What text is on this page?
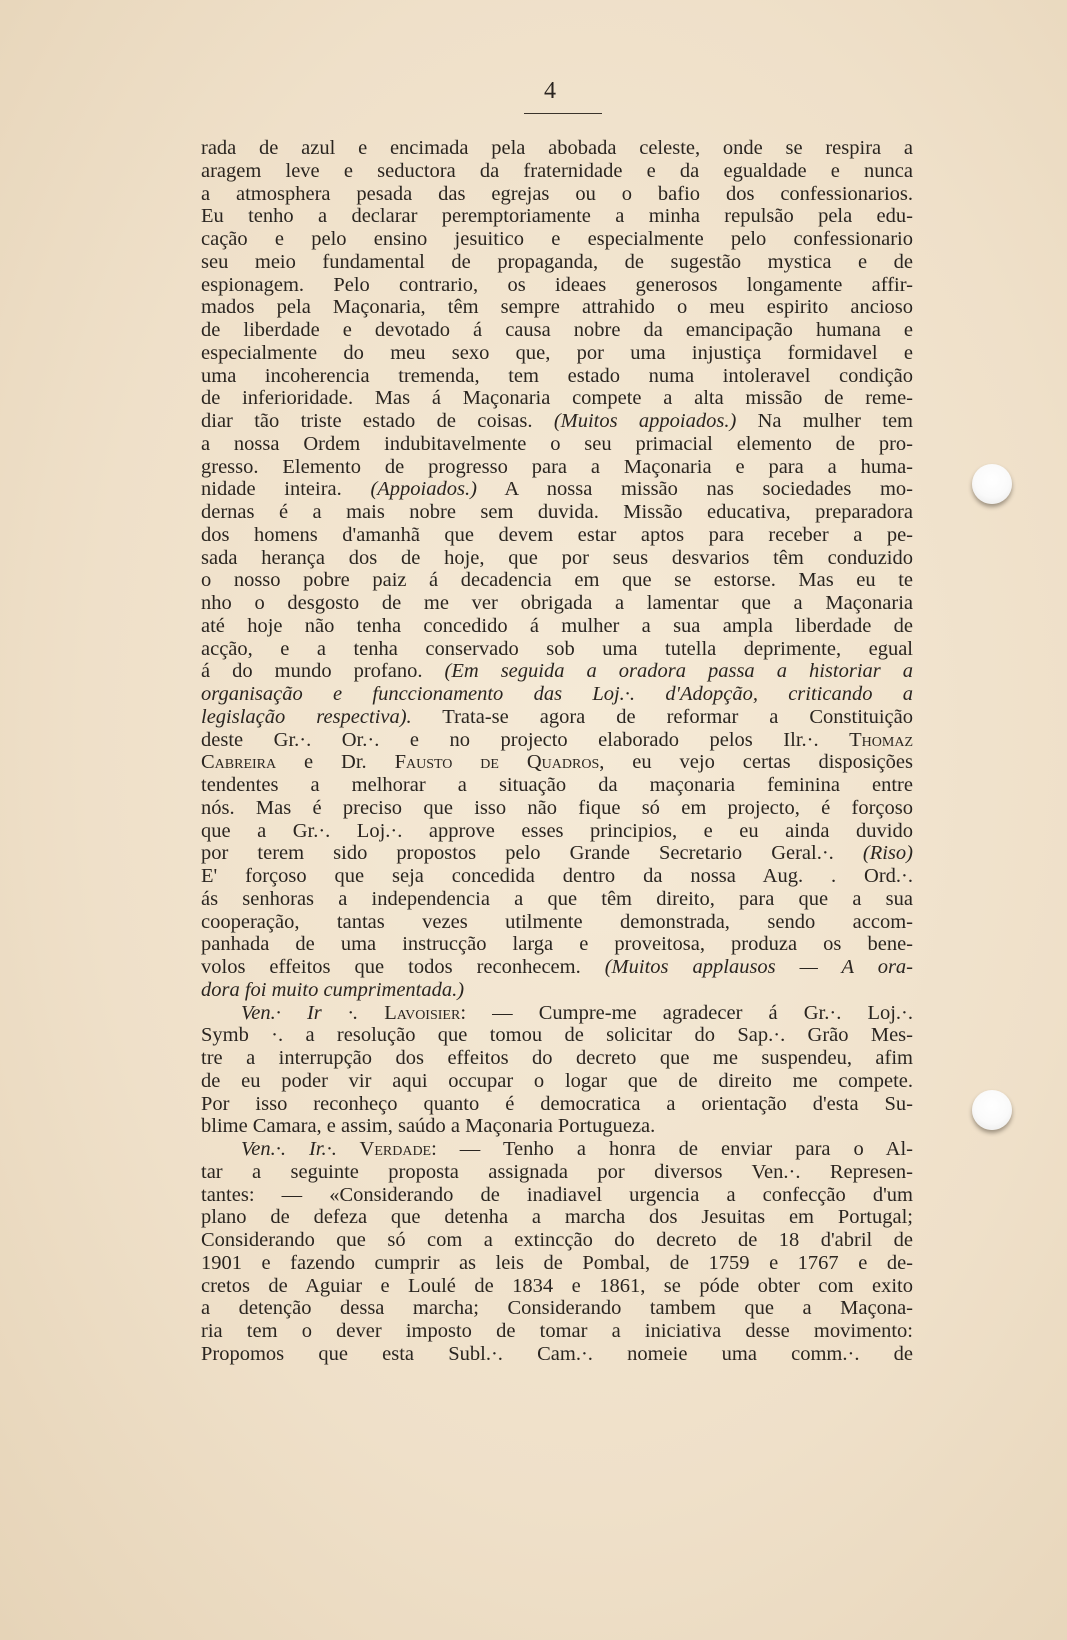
4
rada de azul e encimada pela abobada celeste, onde se respira a
aragem leve e seductora da fraternidade e da egualdade e nunca
a atmosphera pesada das egrejas ou o bafio dos confessionarios.
Eu tenho a declarar peremptoriamente a minha repulsão pela edu-
cação e pelo ensino jesuitico e especialmente pelo confessionario
seu meio fundamental de propaganda, de sugestão mystica e de
espionagem. Pelo contrario, os ideaes generosos longamente affir-
mados pela Maçonaria, têm sempre attrahido o meu espirito ancioso
de liberdade e devotado á causa nobre da emancipação humana e
especialmente do meu sexo que, por uma injustiça formidavel e
uma incoherencia tremenda, tem estado numa intoleravel condição
de inferioridade. Mas á Maçonaria compete a alta missão de reme-
diar tão triste estado de coisas. (Muitos appoiados.) Na mulher tem
a nossa Ordem indubitavelmente o seu primacial elemento de pro-
gresso. Elemento de progresso para a Maçonaria e para a huma-
nidade inteira. (Appoiados.) A nossa missão nas sociedades mo-
dernas é a mais nobre sem duvida. Missão educativa, preparadora
dos homens d'amanhã que devem estar aptos para receber a pe-
sada herança dos de hoje, que por seus desvarios têm conduzido
o nosso pobre paiz á decadencia em que se estorse. Mas eu te
nho o desgosto de me ver obrigada a lamentar que a Maçonaria
até hoje não tenha concedido á mulher a sua ampla liberdade de
acção, e a tenha conservado sob uma tutella deprimente, egual
á do mundo profano. (Em seguida a oradora passa a historiar a
organisação e funccionamento das Loj.·. d'Adopção, criticando a
legislação respectiva). Trata-se agora de reformar a Constituição
deste Gr.·. Or.·. e no projecto elaborado pelos Ilr.·. Thomaz
Cabreira e Dr. Fausto de Quadros, eu vejo certas disposições
tendentes a melhorar a situação da maçonaria feminina entre
nós. Mas é preciso que isso não fique só em projecto, é forçoso
que a Gr.·. Loj.·. approve esses principios, e eu ainda duvido
por terem sido propostos pelo Grande Secretario Geral.·. (Riso)
E' forçoso que seja concedida dentro da nossa Aug. . Ord.·.
ás senhoras a independencia a que têm direito, para que a sua
cooperação, tantas vezes utilmente demonstrada, sendo accom-
panhada de uma instrucção larga e proveitosa, produza os bene-
volos effeitos que todos reconhecem. (Muitos applausos — A ora-
dora foi muito cumprimentada.)
Ven.· Ir ·. Lavoisier: — Cumpre-me agradecer á Gr.·. Loj.·.
Symb ·. a resolução que tomou de solicitar do Sap.·. Grão Mes-
tre a interrupção dos effeitos do decreto que me suspendeu, afim
de eu poder vir aqui occupar o logar que de direito me compete.
Por isso reconheço quanto é democratica a orientação d'esta Su-
blime Camara, e assim, saúdo a Maçonaria Portugueza.
Ven.·. Ir.·. Verdade: — Tenho a honra de enviar para o Al-
tar a seguinte proposta assignada por diversos Ven.·. Represen-
tantes: — «Considerando de inadiavel urgencia a confecção d'um
plano de defeza que detenha a marcha dos Jesuitas em Portugal;
Considerando que só com a extincção do decreto de 18 d'abril de
1901 e fazendo cumprir as leis de Pombal, de 1759 e 1767 e de-
cretos de Aguiar e Loulé de 1834 e 1861, se póde obter com exito
a detenção dessa marcha; Considerando tambem que a Maçona-
ria tem o dever imposto de tomar a iniciativa desse movimento:
Propomos que esta Subl.·. Cam.·. nomeie uma comm.·. de
